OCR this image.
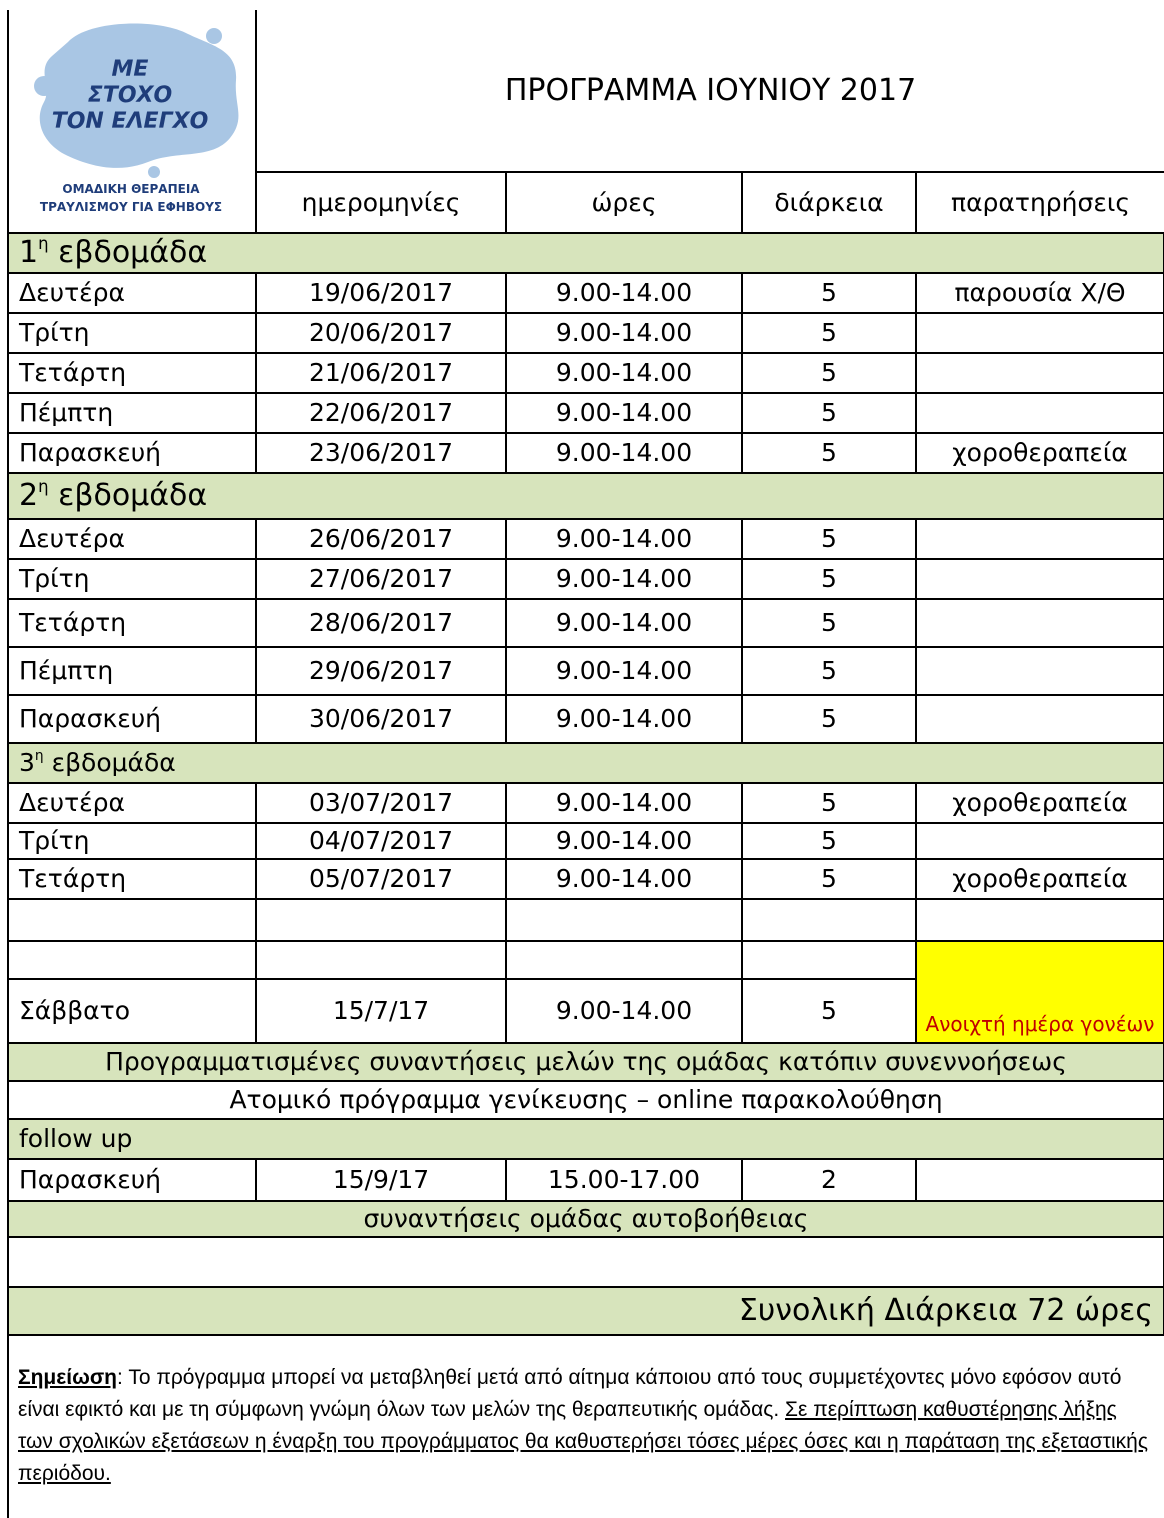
ΜΕ
ΣΤΟΧΟ
ΤΟΝ ΕΛΕΓΧΟ
ΟΜΑΔΙΚΗ ΘΕΡΑΠΕΙΑ
ΤΡΑΥΛΙΣΜΟΥ ΓΙΑ ΕΦΗΒΟΥΣ	ΠΡΟΓΡΑΜΜΑ ΙΟΥΝΙΟΥ 2017			
	ημερομηνίες	ώρες	διάρκεια	παρατηρήσεις
$1^\eta$ εβδομάδα				
Δευτέρα	19/06/2017	9.00-14.00	5	παρουσία Χ/Θ
Τρίτη	20/06/2017	9.00-14.00	5	
Τετάρτη	21/06/2017	9.00-14.00	5	
Πέμπτη	22/06/2017	9.00-14.00	5	
Παρασκευή	23/06/2017	9.00-14.00	5	χοροθεραπεία
$2^\eta$ εβδομάδα				
Δευτέρα	26/06/2017	9.00-14.00	5	
Τρίτη	27/06/2017	9.00-14.00	5	
Τετάρτη	28/06/2017	9.00-14.00	5	
Πέμπτη	29/06/2017	9.00-14.00	5	
Παρασκευή	30/06/2017	9.00-14.00	5	
$3^\eta$ εβδομάδα				
Δευτέρα	03/07/2017	9.00-14.00	5	χοροθεραπεία
Τρίτη	04/07/2017	9.00-14.00	5	
Τετάρτη	05/07/2017	9.00-14.00	5	χοροθεραπεία

				Ανοιχτή ημέρα γονέων

Σάββατο	15/7/17	9.00-14.00	5	
Προγραμματισμένες συναντήσεις μελών της ομάδας κατόπιν συνεννοήσεως				
Ατομικό πρόγραμμα γενίκευσης – online παρακολούθηση				
follow up				
Παρασκευή	15/9/17	15.00-17.00	2	
συναντήσεις ομάδας αυτοβοήθειας				

Συνολική Διάρκεια 72 ώρες				
Σημείωση: Το πρόγραμμα μπορεί να μεταβληθεί μετά από αίτημα κάποιου από τους συμμετέχοντες μόνο εφόσον αυτό είναι εφικτό και με τη σύμφωνη γνώμη όλων των μελών της θεραπευτικής ομάδας. Σε περίπτωση καθυστέρησης λήξης των σχολικών εξετάσεων η έναρξη του προγράμματος θα καθυστερήσει τόσες μέρες όσες και η παράταση της εξεταστικής περιόδου.
